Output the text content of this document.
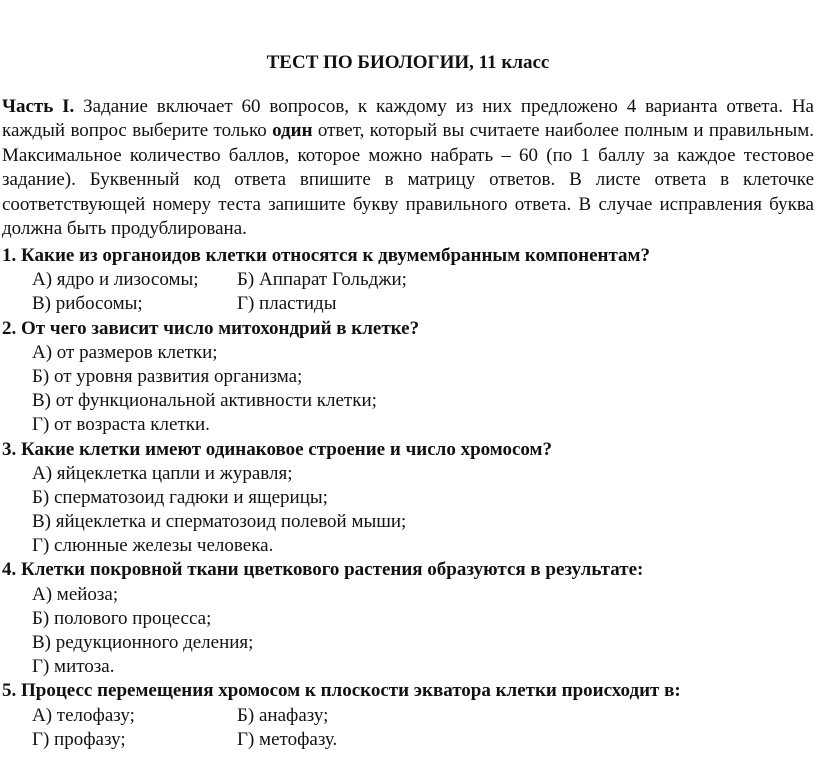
ТЕСТ ПО БИОЛОГИИ, 11 класс

Часть I. Задание включает 60 вопросов, к каждому из них предложено 4 варианта ответа. На каждый вопрос выберите только один ответ, который вы считаете наиболее полным и правильным. Максимальное количество баллов, которое можно набрать – 60 (по 1 баллу за каждое тестовое задание). Буквенный код ответа впишите в матрицу ответов. В листе ответа в клеточке соответствующей номеру теста запишите букву правильного ответа. В случае исправления буква должна быть продублирована.

1. Какие из органоидов клетки относятся к двумембранным компонентам?
А) ядро и лизосомы; Б) Аппарат Гольджи;
В) рибосомы;	Г) пластиды
2. От чего зависит число митохондрий в клетке?
А) от размеров клетки;
Б) от уровня развития организма;
В) от функциональной активности клетки;
Г) от возраста клетки.
3. Какие клетки имеют одинаковое строение и число хромосом?
А) яйцеклетка цапли и журавля;
Б) сперматозоид гадюки и ящерицы;
В) яйцеклетка и сперматозоид полевой мыши;
Г) слюнные железы человека.
4. Клетки покровной ткани цветкового растения образуются в результате:
А) мейоза;
Б) полового процесса;
В) редукционного деления;
Г) митоза.
5. Процесс перемещения хромосом к плоскости экватора клетки происходит в:
А) телофазу;	Б) анафазу;
Г) профазу;	Г) метофазу.
